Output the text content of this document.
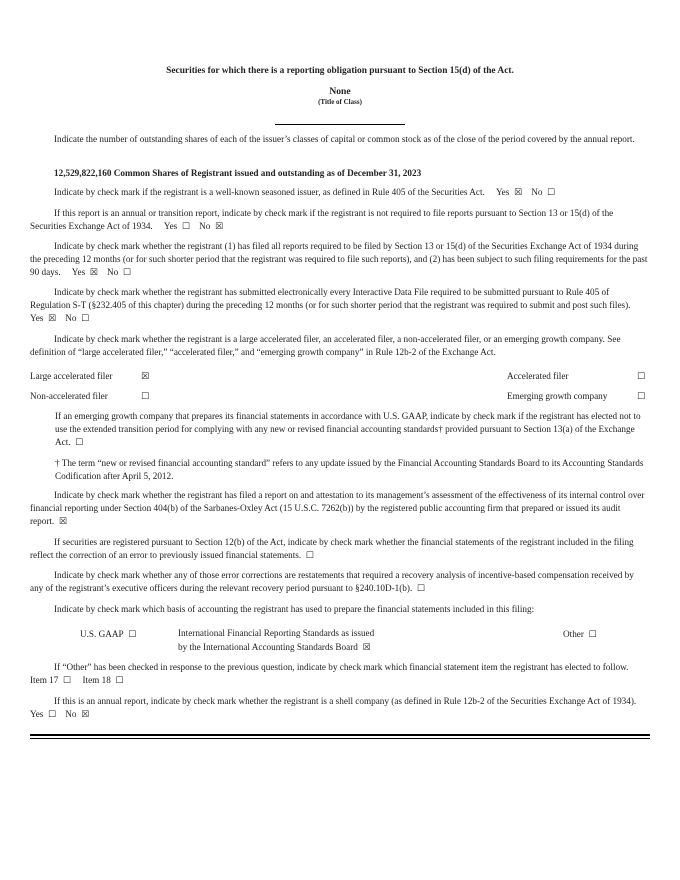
Securities for which there is a reporting obligation pursuant to Section 15(d) of the Act.
None
(Title of Class)
Indicate the number of outstanding shares of each of the issuer’s classes of capital or common stock as of the close of the period covered by the annual report.
12,529,822,160 Common Shares of Registrant issued and outstanding as of December 31, 2023
Indicate by check mark if the registrant is a well-known seasoned issuer, as defined in Rule 405 of the Securities Act. Yes ☒ No ☐
If this report is an annual or transition report, indicate by check mark if the registrant is not required to file reports pursuant to Section 13 or 15(d) of the Securities Exchange Act of 1934. Yes ☐ No ☒
Indicate by check mark whether the registrant (1) has filed all reports required to be filed by Section 13 or 15(d) of the Securities Exchange Act of 1934 during the preceding 12 months (or for such shorter period that the registrant was required to file such reports), and (2) has been subject to such filing requirements for the past 90 days. Yes ☒ No ☐
Indicate by check mark whether the registrant has submitted electronically every Interactive Data File required to be submitted pursuant to Rule 405 of Regulation S-T (§232.405 of this chapter) during the preceding 12 months (or for such shorter period that the registrant was required to submit and post such files).     Yes ☒ No ☐
Indicate by check mark whether the registrant is a large accelerated filer, an accelerated filer, a non-accelerated filer, or an emerging growth company. See definition of “large accelerated filer,” “accelerated filer,” and “emerging growth company” in Rule 12b-2 of the Exchange Act.
Large accelerated filer	☒	Accelerated filer	☐
Non-accelerated filer	☐	Emerging growth company	☐
If an emerging growth company that prepares its financial statements in accordance with U.S. GAAP, indicate by check mark if the registrant has elected not to use the extended transition period for complying with any new or revised financial accounting standards† provided pursuant to Section 13(a) of the Exchange Act. ☐
† The term “new or revised financial accounting standard” refers to any update issued by the Financial Accounting Standards Board to its Accounting Standards Codification after April 5, 2012.
Indicate by check mark whether the registrant has filed a report on and attestation to its management’s assessment of the effectiveness of its internal control over financial reporting under Section 404(b) of the Sarbanes-Oxley Act (15 U.S.C. 7262(b)) by the registered public accounting firm that prepared or issued its audit report. ☒
If securities are registered pursuant to Section 12(b) of the Act, indicate by check mark whether the financial statements of the registrant included in the filing reflect the correction of an error to previously issued financial statements. ☐
Indicate by check mark whether any of those error corrections are restatements that required a recovery analysis of incentive-based compensation received by any of the registrant’s executive officers during the relevant recovery period pursuant to §240.10D-1(b). ☐
Indicate by check mark which basis of accounting the registrant has used to prepare the financial statements included in this filing:
U.S. GAAP ☐	International Financial Reporting Standards as issued
by the International Accounting Standards Board ☒
Other ☐
If “Other” has been checked in response to the previous question, indicate by check mark which financial statement item the registrant has elected to follow.     Item 17 ☐ Item 18 ☐
If this is an annual report, indicate by check mark whether the registrant is a shell company (as defined in Rule 12b-2 of the Securities Exchange Act of 1934).     Yes ☐ No ☒
